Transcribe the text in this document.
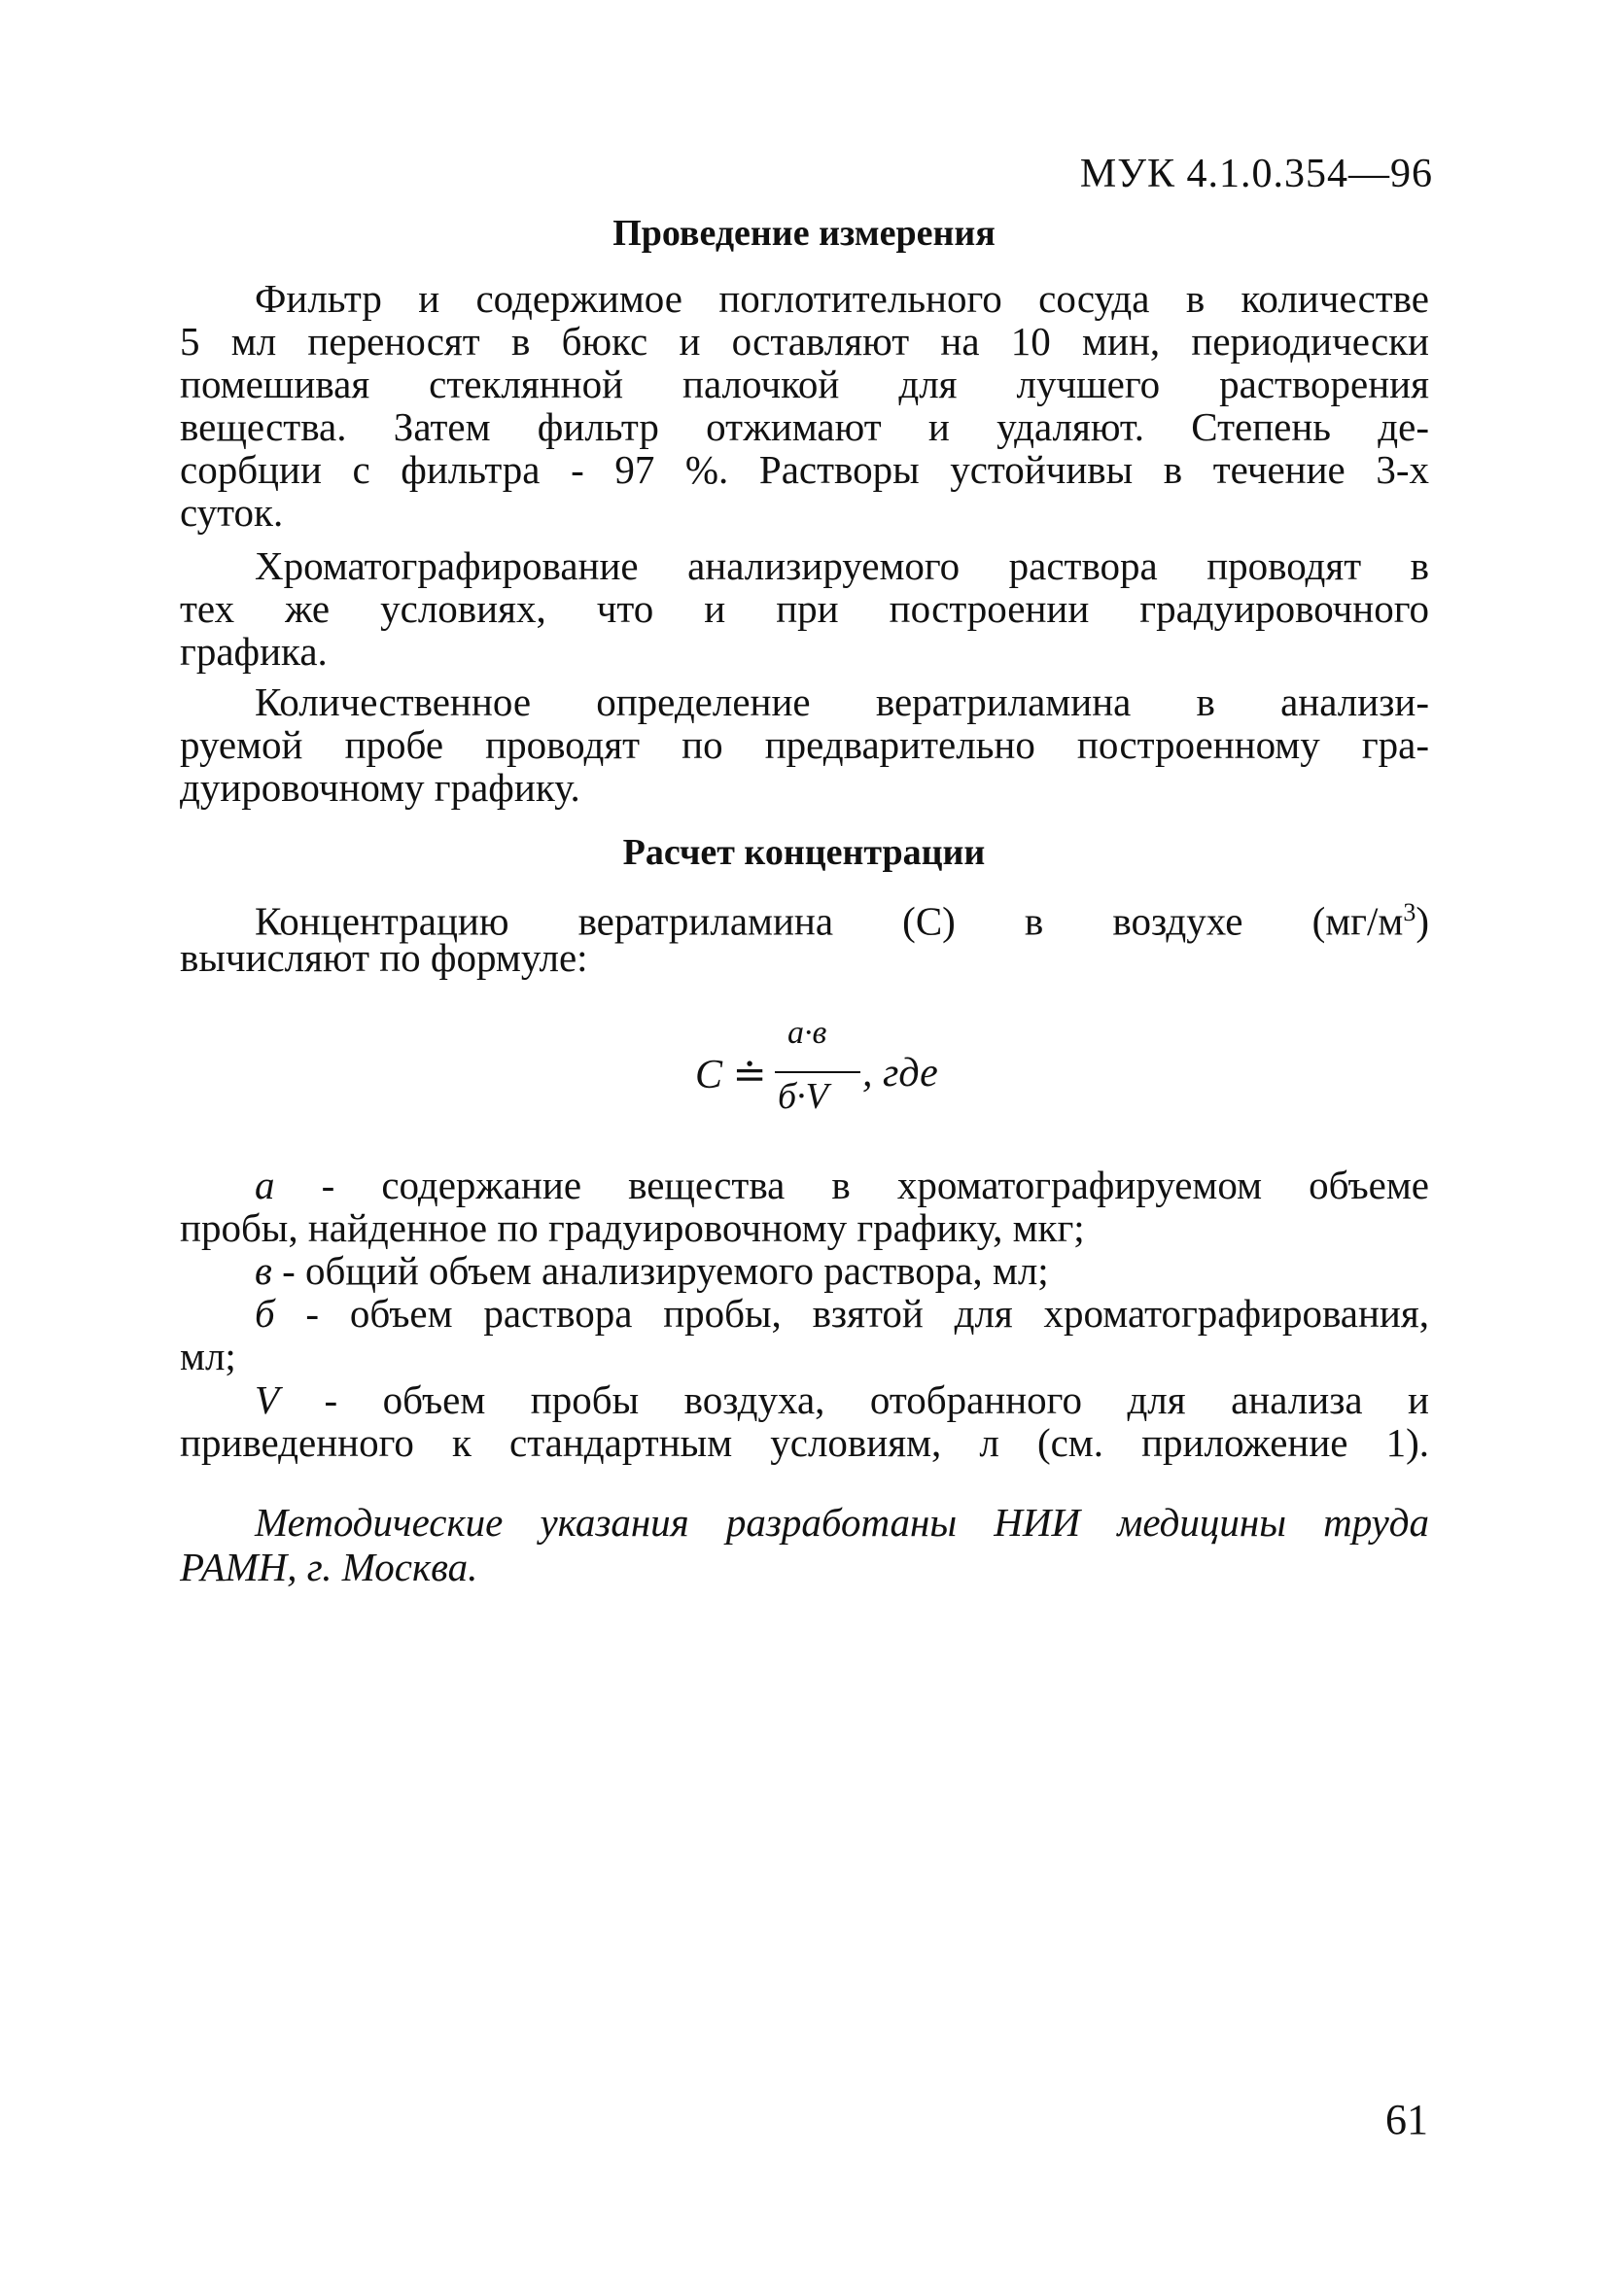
МУК 4.1.0.354—96
Проведение измерения
Фильтр и содержимое поглотительного сосуда в количестве
5 мл переносят в бюкс и оставляют на 10 мин, периодически
помешивая стеклянной палочкой для лучшего растворения
вещества. Затем фильтр отжимают и удаляют. Степень де-
сорбции с фильтра - 97 %. Растворы устойчивы в течение 3-х
суток.
Хроматографирование анализируемого раствора проводят в
тех же условиях, что и при построении градуировочного
графика.
Количественное определение вератриламина в анализи-
руемой пробе проводят по предварительно построенному гра-
дуировочному графику.
Расчет концентрации
Концентрацию вератриламина (С) в воздухе $(мг/м^3)$
вычисляют по формуле:
С ≐
а·в
б·V
, где
а - содержание вещества в хроматографируемом объеме
пробы, найденное по градуировочному графику, мкг;
в - общий объем анализируемого раствора, мл;
б - объем раствора пробы, взятой для хроматографирования,
мл;
V - объем пробы воздуха, отобранного для анализа и
приведенного к стандартным условиям, л (см. приложение 1).
Методические указания разработаны НИИ медицины труда
РАМН, г. Москва.
61
